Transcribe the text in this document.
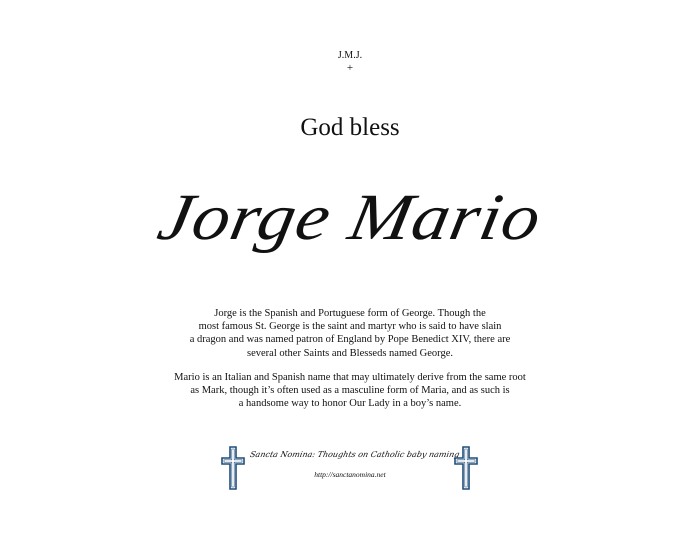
J.M.J.
+
God bless
Jorge Mario
Jorge is the Spanish and Portuguese form of George. Though the
most famous St. George is the saint and martyr who is said to have slain
a dragon and was named patron of England by Pope Benedict XIV, there are
several other Saints and Blesseds named George.
Mario is an Italian and Spanish name that may ultimately derive from the same root
as Mark, though it’s often used as a masculine form of Maria, and as such is
a handsome way to honor Our Lady in a boy’s name.
Sancta Nomina: Thoughts on Catholic baby naming
http://sanctanomina.net
